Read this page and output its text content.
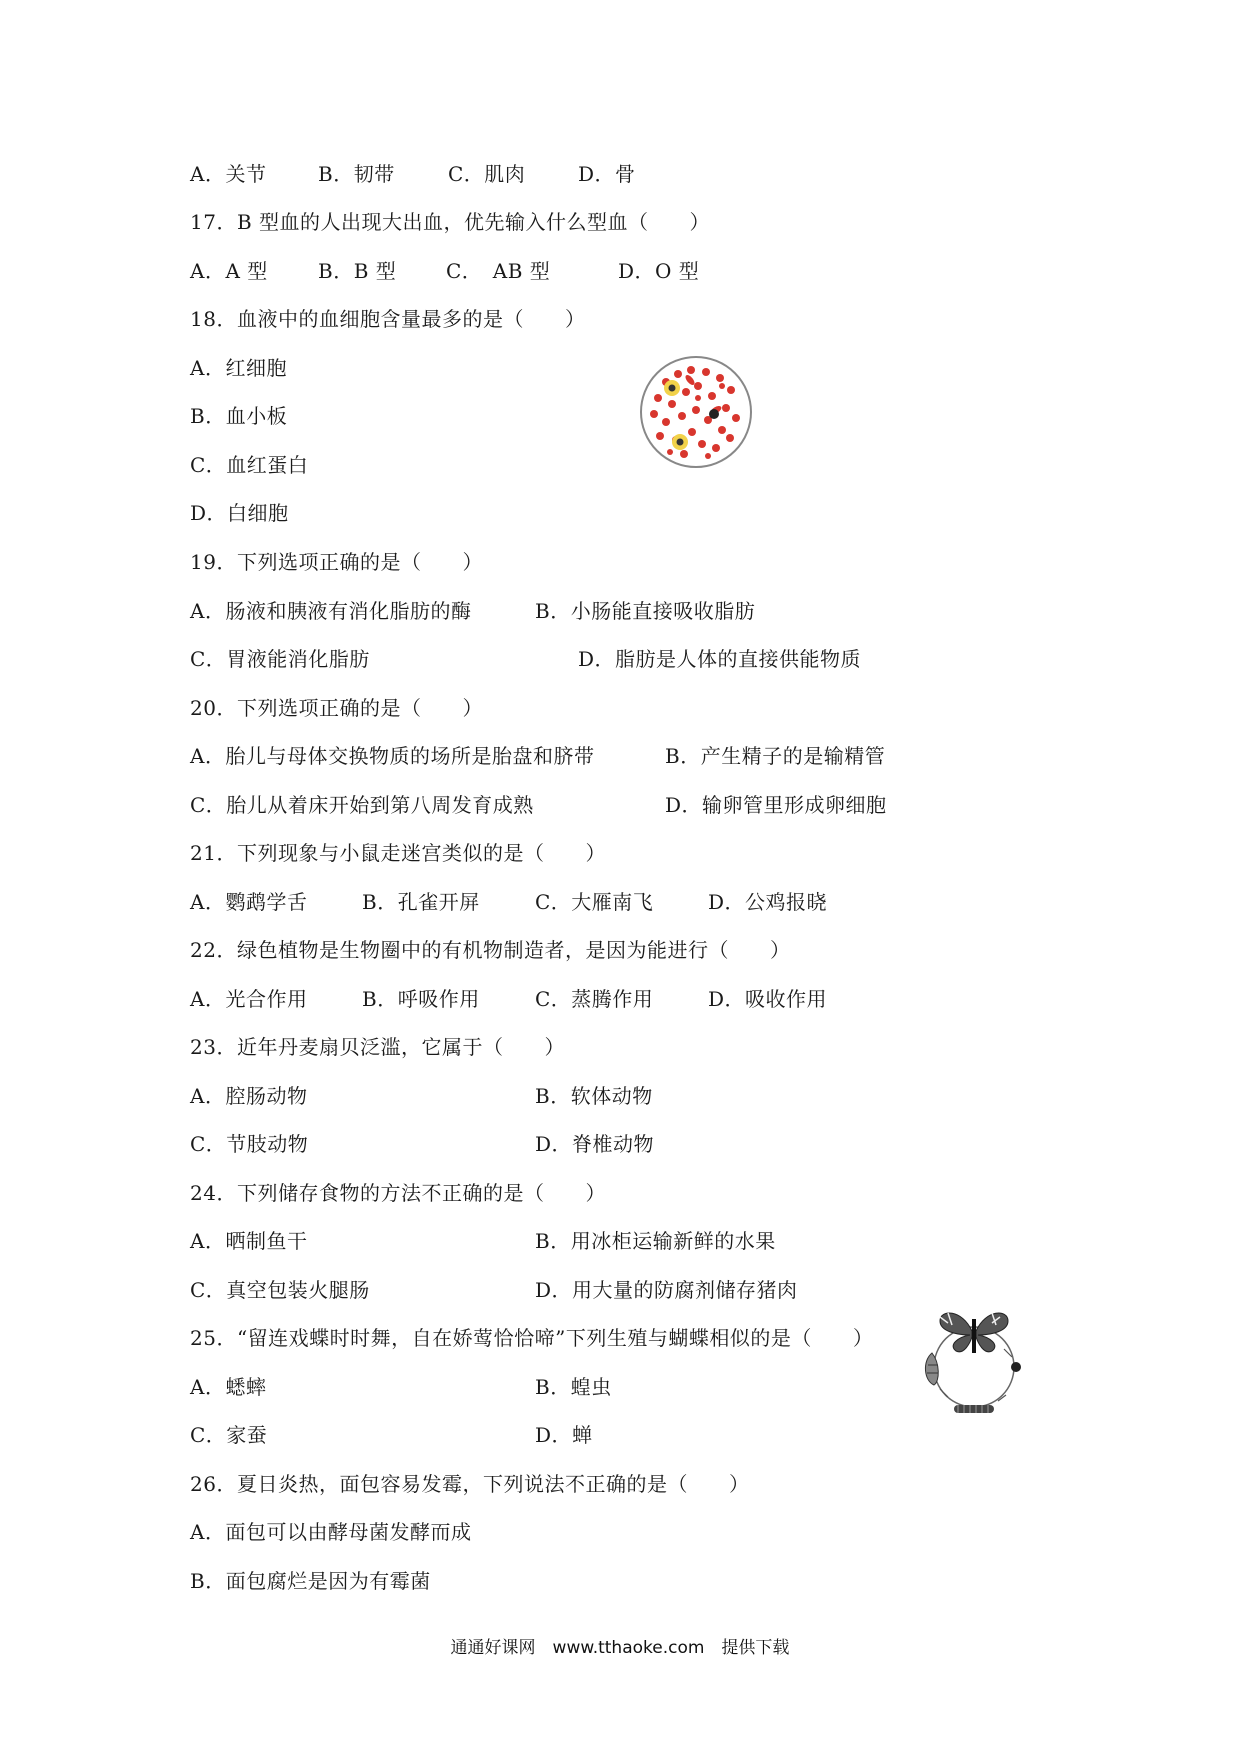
A．关节	B．韧带	C．肌肉	D．骨
17．B 型血的人出现大出血，优先输入什么型血（　　）
A．A 型	B．B 型 C．　AB 型	D．O 型
18．血液中的血细胞含量最多的是（　　）
A．红细胞
B．血小板
C．血红蛋白
D．白细胞
19．下列选项正确的是（　　）
A．肠液和胰液有消化脂肪的酶	B．小肠能直接吸收脂肪
C．胃液能消化脂肪	D．脂肪是人体的直接供能物质
20．下列选项正确的是（　　）
A．胎儿与母体交换物质的场所是胎盘和脐带	B．产生精子的是输精管
C．胎儿从着床开始到第八周发育成熟	D．输卵管里形成卵细胞
21．下列现象与小鼠走迷宫类似的是（　　）
A．鹦鹉学舌	B．孔雀开屏	C．大雁南飞	D．公鸡报晓
22．绿色植物是生物圈中的有机物制造者，是因为能进行（　　）
A．光合作用	B．呼吸作用	C．蒸腾作用	D．吸收作用
23．近年丹麦扇贝泛滥，它属于（　　）
A．腔肠动物	B．软体动物
C．节肢动物	D．脊椎动物
24．下列储存食物的方法不正确的是（　　）
A．晒制鱼干	B．用冰柜运输新鲜的水果
C．真空包装火腿肠	D．用大量的防腐剂储存猪肉
25．“留连戏蝶时时舞，自在娇莺恰恰啼”下列生殖与蝴蝶相似的是（　　）
A．蟋蟀	B．蝗虫
C．家蚕	D．蝉
26．夏日炎热，面包容易发霉，下列说法不正确的是（　　）
A．面包可以由酵母菌发酵而成
B．面包腐烂是因为有霉菌
通通好课网　www.tthaoke.com　提供下载
